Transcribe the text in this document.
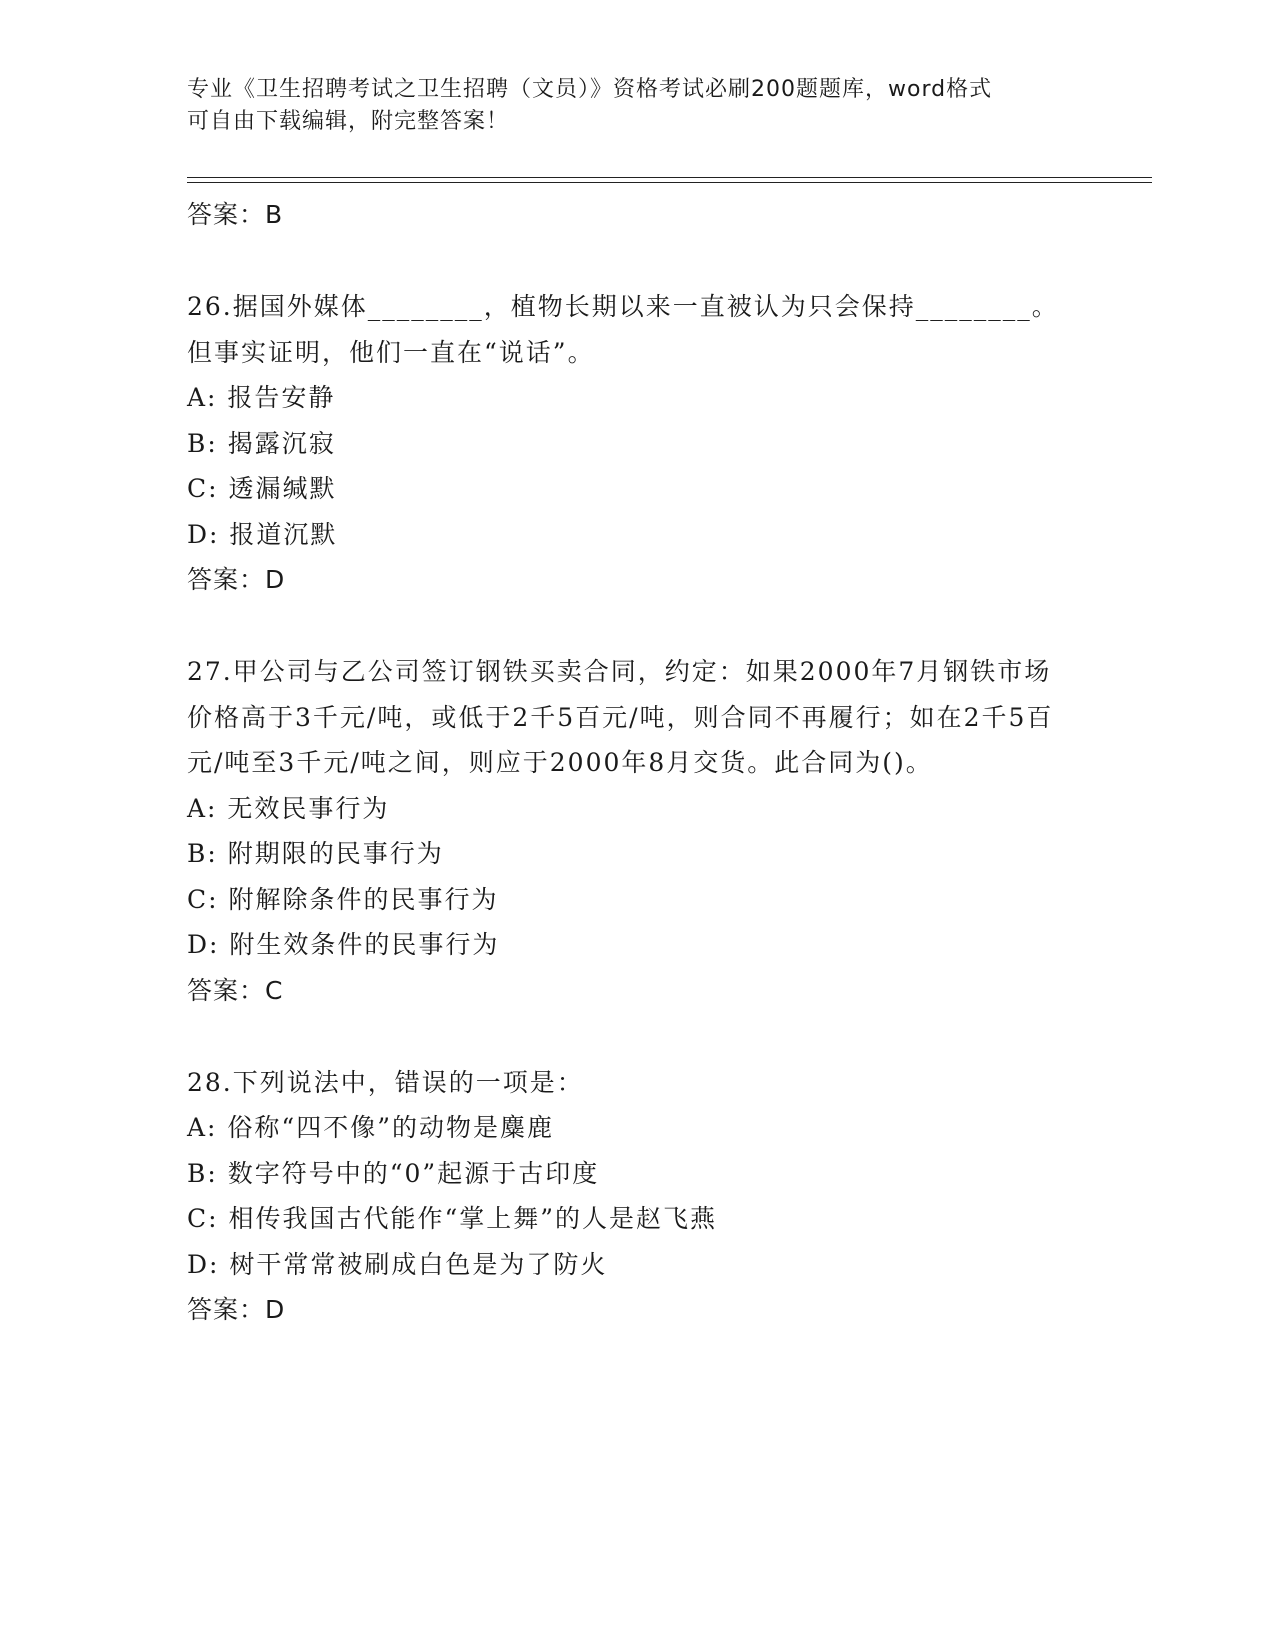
专业《卫生招聘考试之卫生招聘（文员）》资格考试必刷200题题库，word格式
可自由下载编辑，附完整答案！
答案：B
26.据国外媒体________，植物长期以来一直被认为只会保持________。但事实证明，他们一直在“说话”。
A: 报告安静
B: 揭露沉寂
C: 透漏缄默
D: 报道沉默
答案：D
27.甲公司与乙公司签订钢铁买卖合同，约定：如果2000年7月钢铁市场价格高于3千元/吨，或低于2千5百元/吨，则合同不再履行；如在2千5百元/吨至3千元/吨之间，则应于2000年8月交货。此合同为()。
A: 无效民事行为
B: 附期限的民事行为
C: 附解除条件的民事行为
D: 附生效条件的民事行为
答案：C
28.下列说法中，错误的一项是：
A: 俗称“四不像”的动物是麋鹿
B: 数字符号中的“0”起源于古印度
C: 相传我国古代能作“掌上舞”的人是赵飞燕
D: 树干常常被刷成白色是为了防火
答案：D
